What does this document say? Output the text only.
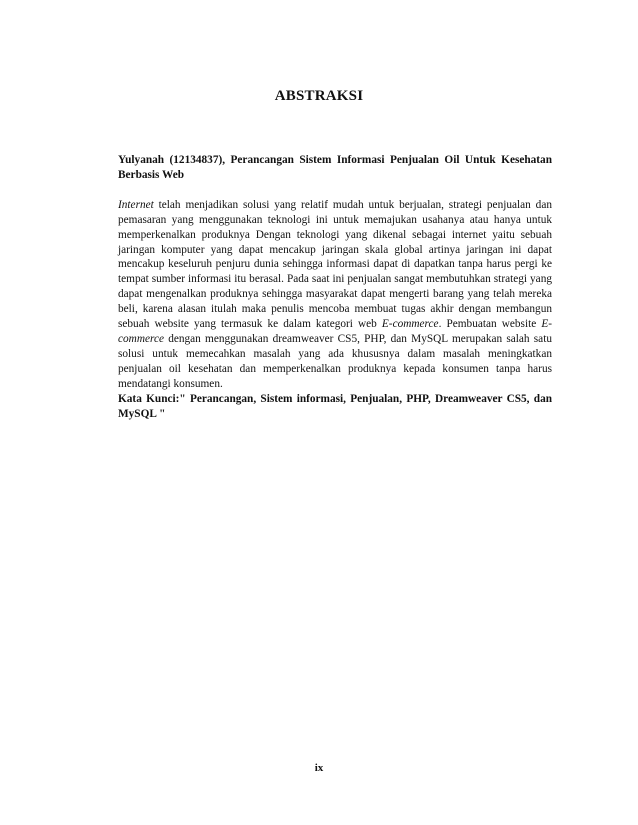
ABSTRAKSI

Yulyanah (12134837), Perancangan Sistem Informasi Penjualan Oil Untuk Kesehatan Berbasis Web

Internet telah menjadikan solusi yang relatif mudah untuk berjualan, strategi penjualan dan pemasaran yang menggunakan teknologi ini untuk memajukan usahanya atau hanya untuk memperkenalkan produknya Dengan teknologi yang dikenal sebagai internet yaitu sebuah jaringan komputer yang dapat mencakup jaringan skala global artinya jaringan ini dapat mencakup keseluruh penjuru dunia sehingga informasi dapat di dapatkan tanpa harus pergi ke tempat sumber informasi itu berasal. Pada saat ini penjualan sangat membutuhkan strategi yang dapat mengenalkan produknya sehingga masyarakat dapat mengerti barang yang telah mereka beli, karena alasan itulah maka penulis mencoba membuat tugas akhir dengan membangun sebuah website yang termasuk ke dalam kategori web E-commerce. Pembuatan website E-commerce dengan menggunakan dreamweaver CS5, PHP, dan MySQL merupakan salah satu solusi untuk memecahkan masalah yang ada khususnya dalam masalah meningkatkan penjualan oil kesehatan dan memperkenalkan produknya kepada konsumen tanpa harus mendatangi konsumen.

Kata Kunci:" Perancangan, Sistem informasi, Penjualan, PHP, Dreamweaver CS5, dan MySQL "

ix
